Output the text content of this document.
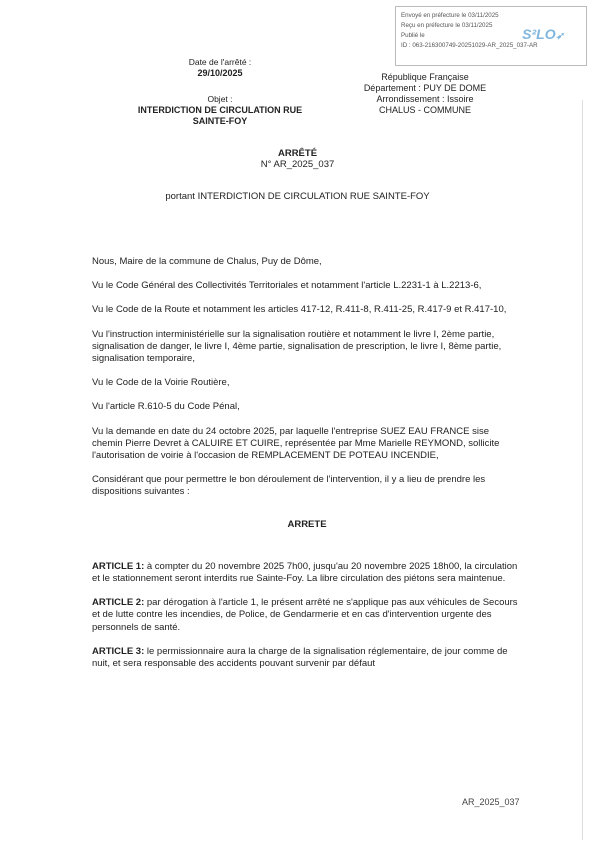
Envoyé en préfecture le 03/11/2025
Reçu en préfecture le 03/11/2025
Publié le
ID : 063-216300749-20251029-AR_2025_037-AR
S²LO➶
Date de l'arrêté :
29/10/2025
Objet :
INTERDICTION DE CIRCULATION RUE
SAINTE-FOY
République Française
Département : PUY DE DOME
Arrondissement : Issoire
CHALUS - COMMUNE
ARRÊTÉ
N° AR_2025_037
portant INTERDICTION DE CIRCULATION RUE SAINTE-FOY

Nous, Maire de la commune de Chalus, Puy de Dôme,

Vu le Code Général des Collectivités Territoriales et notamment l'article L.2231-1 à L.2213-6,

Vu le Code de la Route et notamment les articles 417-12, R.411-8, R.411-25, R.417-9 et R.417-10,

Vu l'instruction interministérielle sur la signalisation routière et notamment le livre I, 2ème partie, signalisation de danger, le livre I, 4ème partie, signalisation de prescription, le livre I, 8ème partie, signalisation temporaire,

Vu le Code de la Voirie Routière,

Vu l'article R.610-5 du Code Pénal,

Vu la demande en date du 24 octobre 2025, par laquelle l'entreprise SUEZ EAU FRANCE sise chemin Pierre Devret à CALUIRE ET CUIRE, représentée par Mme Marielle REYMOND, sollicite l'autorisation de voirie à l'occasion de REMPLACEMENT DE POTEAU INCENDIE,

Considérant que pour permettre le bon déroulement de l'intervention, il y a lieu de prendre les dispositions suivantes :

ARRETE

ARTICLE 1: à compter du 20 novembre 2025 7h00, jusqu'au 20 novembre 2025 18h00, la circulation et le stationnement seront interdits rue Sainte-Foy. La libre circulation des piétons sera maintenue.

ARTICLE 2: par dérogation à l'article 1, le présent arrêté ne s'applique pas aux véhicules de Secours et de lutte contre les incendies, de Police, de Gendarmerie et en cas d'intervention urgente des personnels de santé.

ARTICLE 3: le permissionnaire aura la charge de la signalisation réglementaire, de jour comme de nuit, et sera responsable des accidents pouvant survenir par défaut

AR_2025_037
